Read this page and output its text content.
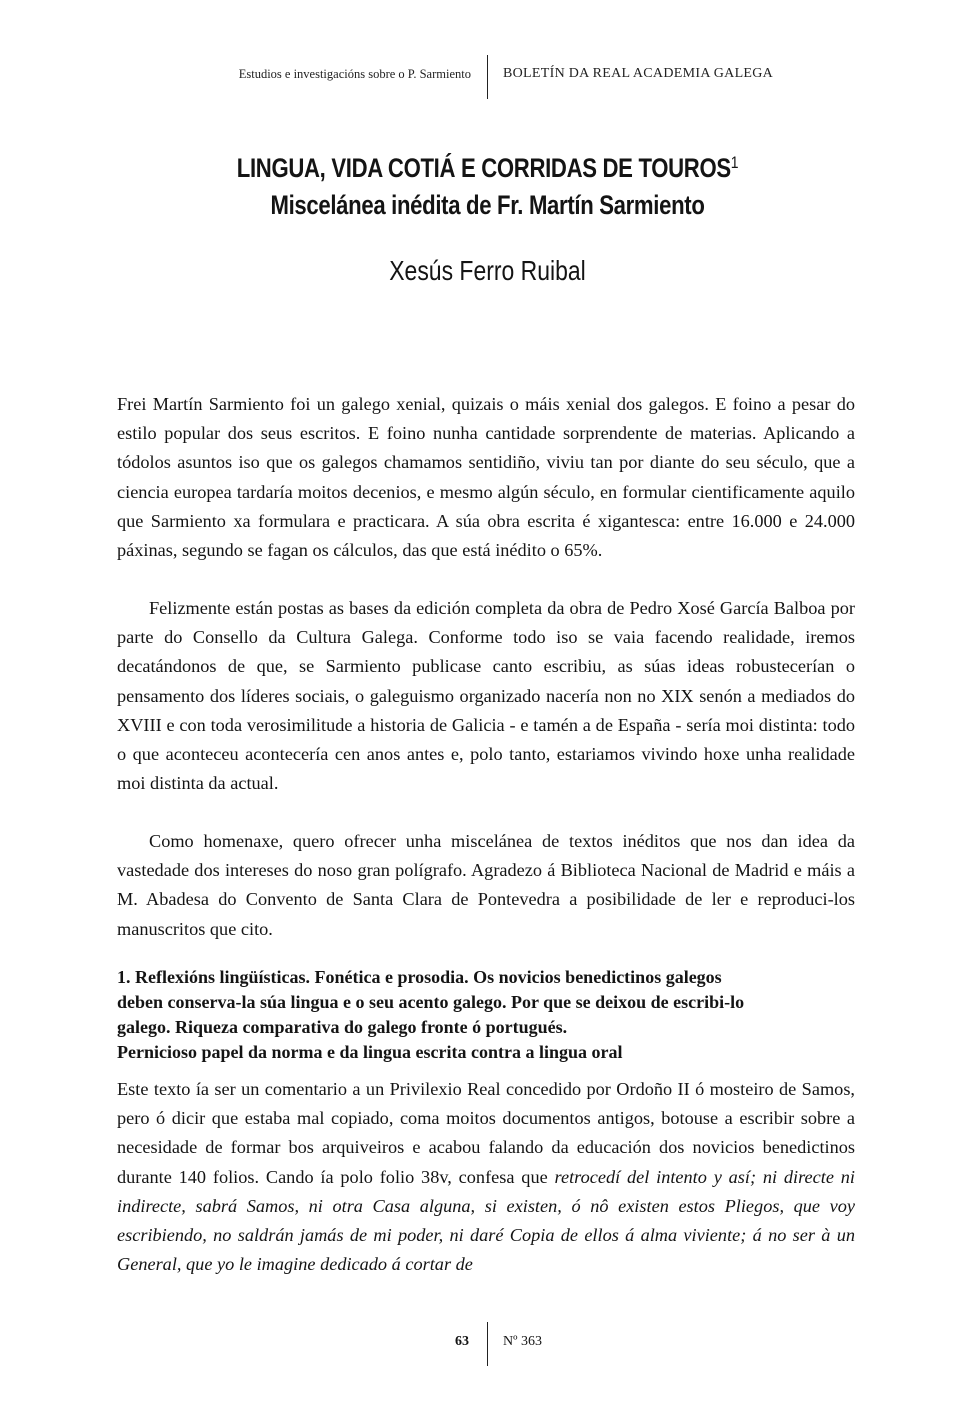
Estudios e investigacións sobre o P. Sarmiento BOLETÍN DA REAL ACADEMIA GALEGA
LINGUA, VIDA COTIÁ E CORRIDAS DE TOUROS$^1$
Miscelánea inédita de Fr. Martín Sarmiento
Xesús Ferro Ruibal

Frei Martín Sarmiento foi un galego xenial, quizais o máis xenial dos galegos. E foino a pesar do estilo popular dos seus escritos. E foino nunha cantidade sorprendente de materias. Aplicando a tódolos asuntos iso que os galegos chamamos sentidiño, viviu tan por diante do seu século, que a ciencia europea tardaría moitos decenios, e mesmo algún século, en formular cientificamente aquilo que Sarmiento xa formulara e practicara. A súa obra escrita é xigantesca: entre 16.000 e 24.000 páxinas, segundo se fagan os cálculos, das que está inédito o 65%.

Felizmente están postas as bases da edición completa da obra de Pedro Xosé García Balboa por parte do Consello da Cultura Galega. Conforme todo iso se vaia facendo realidade, iremos decatándonos de que, se Sarmiento publicase canto escribiu, as súas ideas robustecerían o pensamento dos líderes sociais, o galeguismo organizado nacería non no XIX senón a mediados do XVIII e con toda verosimilitude a historia de Galicia - e tamén a de España - sería moi distinta: todo o que aconteceu acontecería cen anos antes e, polo tanto, estariamos vivindo hoxe unha realidade moi distinta da actual.

Como homenaxe, quero ofrecer unha miscelánea de textos inéditos que nos dan idea da vastedade dos intereses do noso gran polígrafo. Agradezo á Biblioteca Nacional de Madrid e máis a M. Abadesa do Convento de Santa Clara de Pontevedra a posibilidade de ler e reproduci-los manuscritos que cito.

1. Reflexións lingüísticas. Fonética e prosodia. Os novicios benedictinos galegos
deben conserva-la súa lingua e o seu acento galego. Por que se deixou de escribi-lo
galego. Riqueza comparativa do galego fronte ó portugués.
Pernicioso papel da norma e da lingua escrita contra a lingua oral

Este texto ía ser un comentario a un Privilexio Real concedido por Ordoño II ó mosteiro de Samos, pero ó dicir que estaba mal copiado, coma moitos documentos antigos, botouse a escribir sobre a necesidade de formar bos arquiveiros e acabou falando da educación dos novicios benedictinos durante 140 folios. Cando ía polo folio 38v, confesa que retrocedí del intento y así; ni directe ni indirecte, sabrá Samos, ni otra Casa alguna, si existen, ó nô existen estos Pliegos, que voy escribiendo, no saldrán jamás de mi poder, ni daré Copia de ellos á alma viviente; á no ser à un General, que yo le imagine dedicado á cortar de

63 Nº 363
